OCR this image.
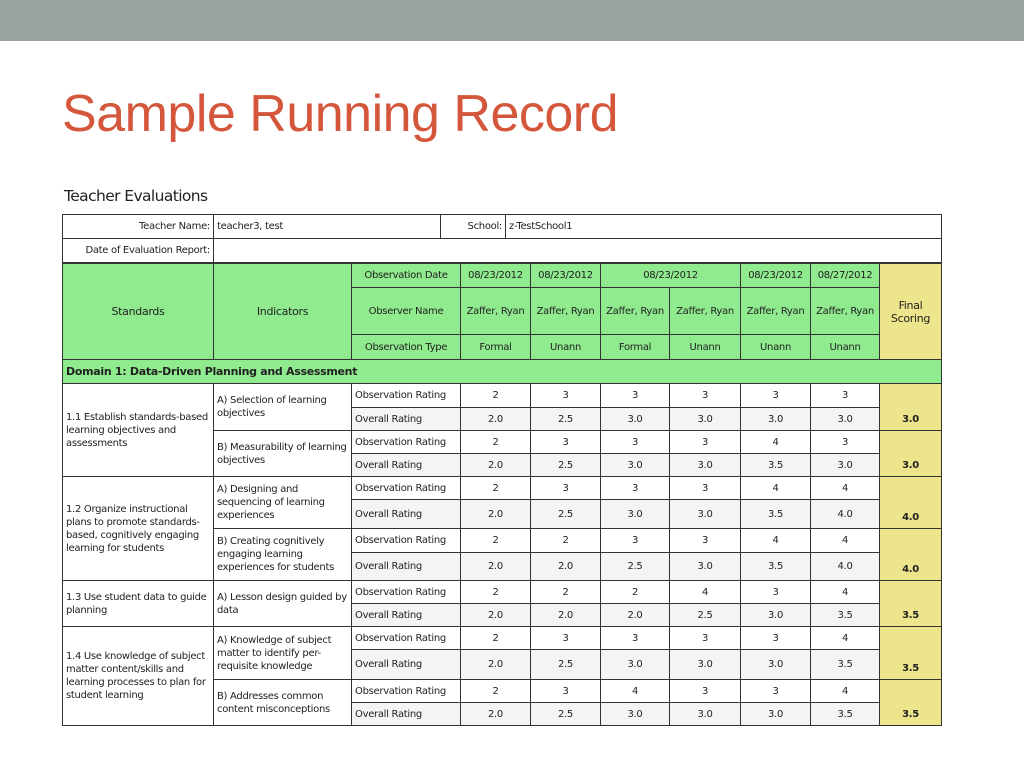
Sample Running Record
Teacher Evaluations
Teacher Name:	teacher3, test	School:	z-TestSchool1
Date of Evaluation Report:			
Standards	Indicators	Observation Date	08/23/2012	08/23/2012	08/23/2012		08/23/2012	08/27/2012	Final Scoring
		Observer Name	Zaffer, Ryan	Zaffer, Ryan	Zaffer, Ryan	Zaffer, Ryan	Zaffer, Ryan	Zaffer, Ryan	
		Observation Type	Formal	Unann	Formal	Unann	Unann	Unann	
Domain 1: Data-Driven Planning and Assessment									
1.1 Establish standards-based learning objectives and assessments	A) Selection of learning objectives	Observation Rating	2	3	3	3	3	3	3.0
		Overall Rating	2.0	2.5	3.0	3.0	3.0	3.0	
	B) Measurability of learning objectives	Observation Rating	2	3	3	3	4	3	3.0
		Overall Rating	2.0	2.5	3.0	3.0	3.5	3.0	
1.2 Organize instructional plans to promote standards-based, cognitively engaging learning for students	A) Designing and sequencing of learning experiences	Observation Rating	2	3	3	3	4	4	4.0
		Overall Rating	2.0	2.5	3.0	3.0	3.5	4.0	
	B) Creating cognitively engaging learning experiences for students	Observation Rating	2	2	3	3	4	4	4.0
		Overall Rating	2.0	2.0	2.5	3.0	3.5	4.0	
1.3 Use student data to guide planning	A) Lesson design guided by data	Observation Rating	2	2	2	4	3	4	3.5
		Overall Rating	2.0	2.0	2.0	2.5	3.0	3.5	
1.4 Use knowledge of subject matter content/skills and learning processes to plan for student learning	A) Knowledge of subject matter to identify per-requisite knowledge	Observation Rating	2	3	3	3	3	4	3.5
		Overall Rating	2.0	2.5	3.0	3.0	3.0	3.5	
	B) Addresses common content misconceptions	Observation Rating	2	3	4	3	3	4	3.5
		Overall Rating	2.0	2.5	3.0	3.0	3.0	3.5	
